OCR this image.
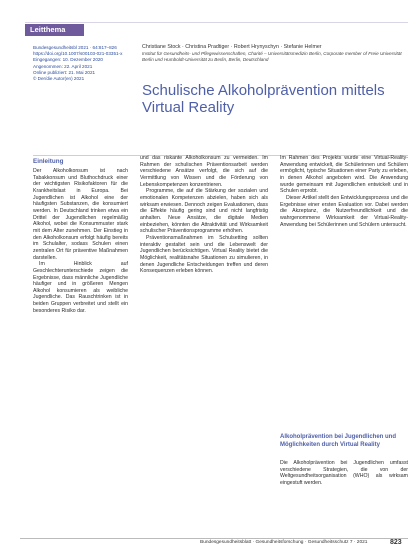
Leitthema
Bundesgesundheitsbl 2021 · 64:817–826
https://doi.org/10.1007/s00103-021-03351-x
Eingegangen: 10. Dezember 2020
Angenommen: 22. April 2021
Online publiziert: 21. Mai 2021
© Der/die Autor(en) 2021
Christiane Stock · Christina Pradtiger · Robert Hrynyschyn · Stefanie Helmer
Institut für Gesundheits- und Pflegewissenschaften, Charité – Universitätsmedizin Berlin, Corporate member of Freie Universität Berlin und Humboldt-Universität zu Berlin, Berlin, Deutschland
Schulische Alkoholprävention mittels Virtual Reality
Einleitung

Der Alkoholkonsum ist nach Tabakkonsum und Bluthochdruck einer der wichtigsten Risikofaktoren für die Krankheitslast in Europa. Bei Jugendlichen ist Alkohol eine der häufigsten Substanzen, die konsumiert werden. In Deutschland trinken etwa ein Drittel der Jugendlichen regelmäßig Alkohol, wobei die Konsummuster stark mit dem Alter zunehmen. Der Einstieg in den Alkoholkonsum erfolgt häufig bereits im Schulalter, sodass Schulen einen zentralen Ort für präventive Maßnahmen darstellen.

Im Hinblick auf Geschlechterunterschiede zeigen die Ergebnisse, dass männliche Jugendliche häufiger und in größeren Mengen Alkohol konsumieren als weibliche Jugendliche. Das Rauschtrinken ist in beiden Gruppen verbreitet und stellt ein besonderes Risiko dar.

und das riskante Alkoholkonsum zu vermeiden. Im Rahmen der schulischen Präventionsarbeit werden verschiedene Ansätze verfolgt, die sich auf die Vermittlung von Wissen und die Förderung von Lebenskompetenzen konzentrieren.

Programme, die auf die Stärkung der sozialen und emotionalen Kompetenzen abzielen, haben sich als wirksam erwiesen. Dennoch zeigen Evaluationen, dass die Effekte häufig gering sind und nicht langfristig anhalten. Neue Ansätze, die digitale Medien einbeziehen, könnten die Attraktivität und Wirksamkeit schulischer Präventionsprogramme erhöhen.

Präventionsmaßnahmen im Schulsetting sollten interaktiv gestaltet sein und die Lebenswelt der Jugendlichen berücksichtigen. Virtual Reality bietet die Möglichkeit, realitätsnahe Situationen zu simulieren, in denen Jugendliche Entscheidungen treffen und deren Konsequenzen erleben können.

Im Rahmen des Projekts wurde eine Virtual-Reality-Anwendung entwickelt, die Schülerinnen und Schülern ermöglicht, typische Situationen einer Party zu erleben, in denen Alkohol angeboten wird. Die Anwendung wurde gemeinsam mit Jugendlichen entwickelt und in Schulen erprobt.

Dieser Artikel stellt den Entwicklungsprozess und die Ergebnisse einer ersten Evaluation vor. Dabei werden die Akzeptanz, die Nutzerfreundlichkeit und die wahrgenommene Wirksamkeit der Virtual-Reality-Anwendung bei Schülerinnen und Schülern untersucht.

Alkoholprävention bei Jugendlichen und Möglichkeiten durch Virtual Reality

Die Alkoholprävention bei Jugendlichen umfasst verschiedene Strategien, die von der Weltgesundheitsorganisation (WHO) als wirksam eingestuft werden.

Bundesgesundheitsblatt · Gesundheitsforschung · Gesundheitsschutz 7 · 2021	823
